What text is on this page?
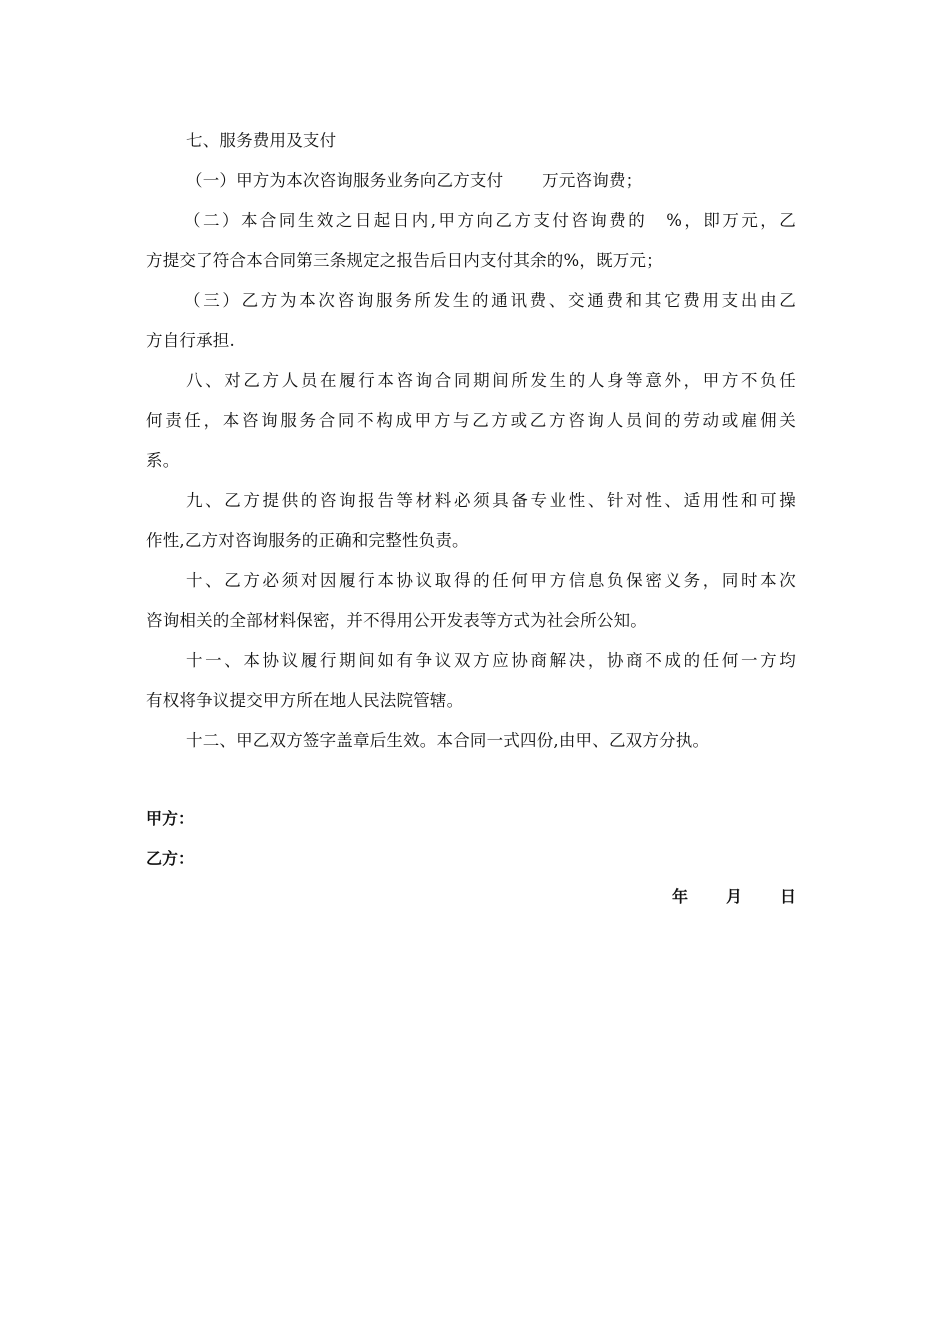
七、服务费用及支付
（一）甲方为本次咨询服务业务向乙方支付　　 万元咨询费；
（二）本合同生效之日起日内,甲方向乙方支付咨询费的　%，即万元，乙
方提交了符合本合同第三条规定之报告后日内支付其余的%，既万元；
（三）乙方为本次咨询服务所发生的通讯费、交通费和其它费用支出由乙
方自行承担.
八、对乙方人员在履行本咨询合同期间所发生的人身等意外，甲方不负任
何责任，本咨询服务合同不构成甲方与乙方或乙方咨询人员间的劳动或雇佣关
系。
九、乙方提供的咨询报告等材料必须具备专业性、针对性、适用性和可操
作性,乙方对咨询服务的正确和完整性负责。
十、乙方必须对因履行本协议取得的任何甲方信息负保密义务，同时本次
咨询相关的全部材料保密，并不得用公开发表等方式为社会所公知。
十一、本协议履行期间如有争议双方应协商解决，协商不成的任何一方均
有权将争议提交甲方所在地人民法院管辖。
十二、甲乙双方签字盖章后生效。本合同一式四份,由甲、乙双方分执。
甲方：
乙方：
年 月 日
